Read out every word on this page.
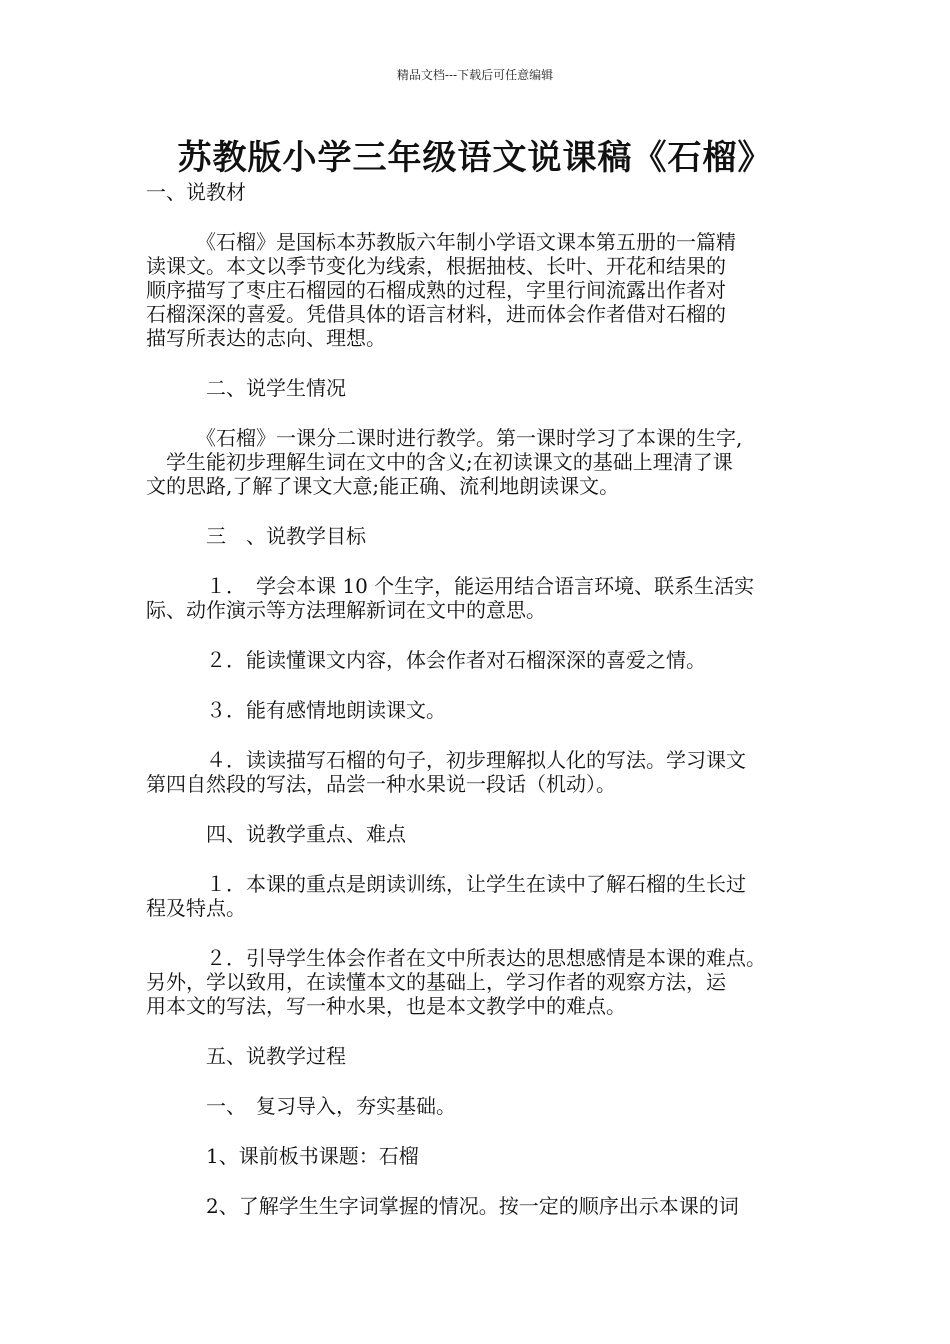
精品文档---下载后可任意编辑
苏教版小学三年级语文说课稿《石榴》
一、说教材
　　　《石榴》是国标本苏教版六年制小学语文课本第五册的一篇精
读课文。本文以季节变化为线索，根据抽枝、长叶、开花和结果的
顺序描写了枣庄石榴园的石榴成熟的过程，字里行间流露出作者对
石榴深深的喜爱。凭借具体的语言材料，进而体会作者借对石榴的
描写所表达的志向、理想。
　　　二、说学生情况
　　　《石榴》一课分二课时进行教学。第一课时学习了本课的生字,
　学生能初步理解生词在文中的含义;在初读课文的基础上理清了课
文的思路,了解了课文大意;能正确、流利地朗读课文。
　　　三　、说教学目标
　　　１．　学会本课 10 个生字，能运用结合语言环境、联系生活实
际、动作演示等方法理解新词在文中的意思。
　　　２．能读懂课文内容，体会作者对石榴深深的喜爱之情。
　　　３．能有感情地朗读课文。
　　　４．读读描写石榴的句子，初步理解拟人化的写法。学习课文
第四自然段的写法，品尝一种水果说一段话（机动）。
　　　四、说教学重点、难点
　　　１．本课的重点是朗读训练，让学生在读中了解石榴的生长过
程及特点。
　　　２．引导学生体会作者在文中所表达的思想感情是本课的难点。
另外，学以致用，在读懂本文的基础上，学习作者的观察方法，运
用本文的写法，写一种水果，也是本文教学中的难点。
　　　五、说教学过程
　　　一、　复习导入，夯实基础。
　　　1、课前板书课题：石榴
　　　2、了解学生生字词掌握的情况。按一定的顺序出示本课的词
